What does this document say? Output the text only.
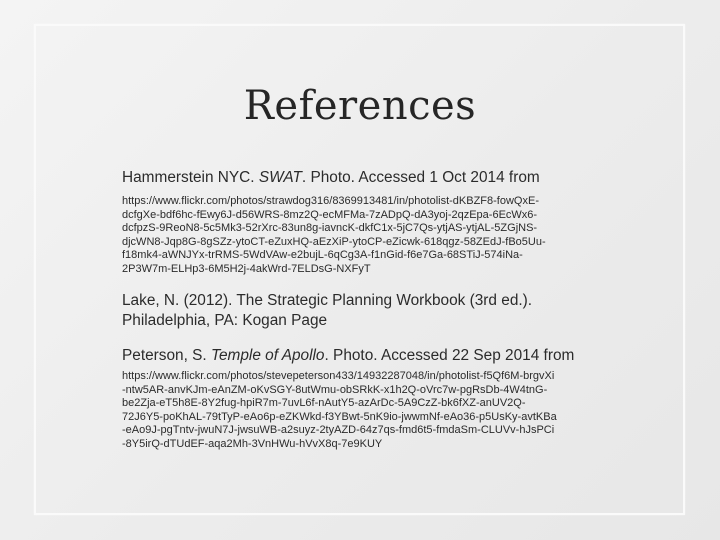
References

Hammerstein NYC. SWAT. Photo. Accessed 1 Oct 2014 from

https://www.flickr.com/photos/strawdog316/8369913481/in/photolist-dKBZF8-fowQxE-

dcfgXe-bdf6hc-fEwy6J-d56WRS-8mz2Q-ecMFMa-7zADpQ-dA3yoj-2qzEpa-6EcWx6-

dcfpzS-9ReoN8-5c5Mk3-52rXrc-83un8g-iavncK-dkfC1x-5jC7Qs-ytjAS-ytjAL-5ZGjNS-

djcWN8-Jqp8G-8gSZz-ytoCT-eZuxHQ-aEzXiP-ytoCP-eZicwk-618qgz-58ZEdJ-fBo5Uu-

f18mk4-aWNJYx-trRMS-5WdVAw-e2bujL-6qCg3A-f1nGid-f6e7Ga-68STiJ-574iNa-

2P3W7m-ELHp3-6M5H2j-4akWrd-7ELDsG-NXFyT

Lake, N. (2012). The Strategic Planning Workbook (3rd ed.).

Philadelphia, PA: Kogan Page

Peterson, S. Temple of Apollo. Photo. Accessed 22 Sep 2014 from

https://www.flickr.com/photos/stevepeterson433/14932287048/in/photolist-f5Qf6M-brgvXi

-ntw5AR-anvKJm-eAnZM-oKvSGY-8utWmu-obSRkK-x1h2Q-oVrc7w-pgRsDb-4W4tnG-

be2Zja-eT5h8E-8Y2fug-hpiR7m-7uvL6f-nAutY5-azArDc-5A9CzZ-bk6fXZ-anUV2Q-

72J6Y5-poKhAL-79tTyP-eAo6p-eZKWkd-f3YBwt-5nK9io-jwwmNf-eAo36-p5UsKy-avtKBa

-eAo9J-pgTntv-jwuN7J-jwsuWB-a2suyz-2tyAZD-64z7qs-fmd6t5-fmdaSm-CLUVv-hJsPCi

-8Y5irQ-dTUdEF-aqa2Mh-3VnHWu-hVvX8q-7e9KUY
